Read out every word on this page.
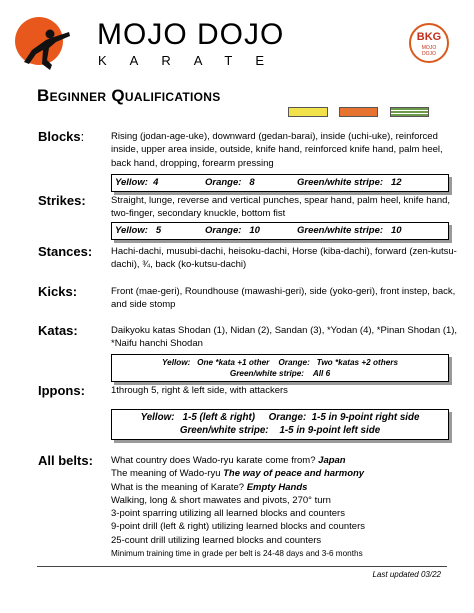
MOJO DOJO
KARATE
BKG
MOJO
DOJO
Beginner Qualifications
Blocks:	Rising (jodan-age-uke), downward (gedan-barai), inside (uchi-uke), reinforced inside, upper area inside, outside, knife hand, reinforced knife hand, palm heel, back hand, dropping, forearm pressing
Yellow:  4	Orange:   8	Green/white stripe:   12
Strikes:	Straight, lunge, reverse and vertical punches, spear hand, palm heel, knife hand, two-finger, secondary knuckle, bottom fist
Yellow:   5	Orange:   10	Green/white stripe:   10
Stances: Hachi-dachi, musubi-dachi, heisoku-dachi, Horse (kiba-dachi), forward (zen-kutsu-dachi), ¾, back (ko-kutsu-dachi)
Kicks:	Front (mae-geri), Roundhouse (mawashi-geri), side (yoko-geri), front instep, back, and side stomp
Katas:	Daikyoku katas Shodan (1), Nidan (2), Sandan (3), *Yodan (4), *Pinan Shodan (1), *Naifu hanchi Shodan
Yellow:   One *kata +1 other    Orange:   Two *katas +2 others
Green/white stripe:    All 6
Ippons:	1through 5, right & left side, with attackers
Yellow:   1-5 (left & right)     Orange:  1-5 in 9-point right side
Green/white stripe:    1-5 in 9-point left side
All belts: What country does Wado-ryu karate come from? Japan
The meaning of Wado-ryu The way of peace and harmony
What is the meaning of Karate? Empty Hands
Walking, long & short mawates and pivots, 270° turn
3-point sparring utilizing all learned blocks and counters
9-point drill (left & right) utilizing learned blocks and counters
25-count drill utilizing learned blocks and counters
Minimum training time in grade per belt is 24-48 days and 3-6 months
Last updated 03/22
